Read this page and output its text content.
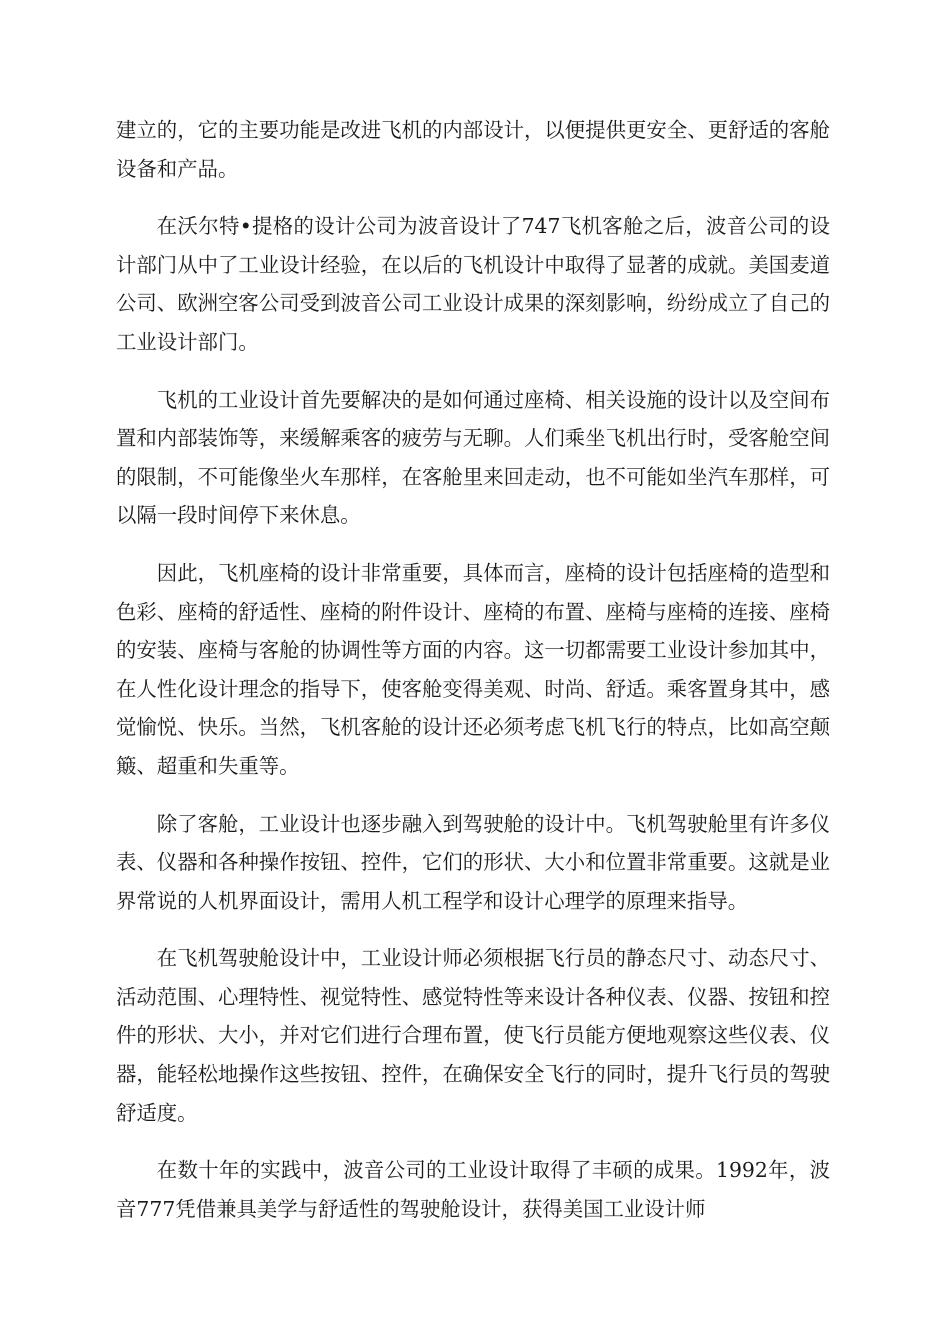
建立的，它的主要功能是改进飞机的内部设计，以便提供更安全、更舒适的客舱设备和产品。

在沃尔特•提格的设计公司为波音设计了747飞机客舱之后，波音公司的设计部门从中了工业设计经验，在以后的飞机设计中取得了显著的成就。美国麦道公司、欧洲空客公司受到波音公司工业设计成果的深刻影响，纷纷成立了自己的工业设计部门。

飞机的工业设计首先要解决的是如何通过座椅、相关设施的设计以及空间布置和内部装饰等，来缓解乘客的疲劳与无聊。人们乘坐飞机出行时，受客舱空间的限制，不可能像坐火车那样，在客舱里来回走动，也不可能如坐汽车那样，可以隔一段时间停下来休息。

因此，飞机座椅的设计非常重要，具体而言，座椅的设计包括座椅的造型和色彩、座椅的舒适性、座椅的附件设计、座椅的布置、座椅与座椅的连接、座椅的安装、座椅与客舱的协调性等方面的内容。这一切都需要工业设计参加其中，在人性化设计理念的指导下，使客舱变得美观、时尚、舒适。乘客置身其中，感觉愉悦、快乐。当然，飞机客舱的设计还必须考虑飞机飞行的特点，比如高空颠簸、超重和失重等。

除了客舱，工业设计也逐步融入到驾驶舱的设计中。飞机驾驶舱里有许多仪表、仪器和各种操作按钮、控件，它们的形状、大小和位置非常重要。这就是业界常说的人机界面设计，需用人机工程学和设计心理学的原理来指导。

在飞机驾驶舱设计中，工业设计师必须根据飞行员的静态尺寸、动态尺寸、活动范围、心理特性、视觉特性、感觉特性等来设计各种仪表、仪器、按钮和控件的形状、大小，并对它们进行合理布置，使飞行员能方便地观察这些仪表、仪器，能轻松地操作这些按钮、控件，在确保安全飞行的同时，提升飞行员的驾驶舒适度。

在数十年的实践中，波音公司的工业设计取得了丰硕的成果。1992年，波音777凭借兼具美学与舒适性的驾驶舱设计，获得美国工业设计师
